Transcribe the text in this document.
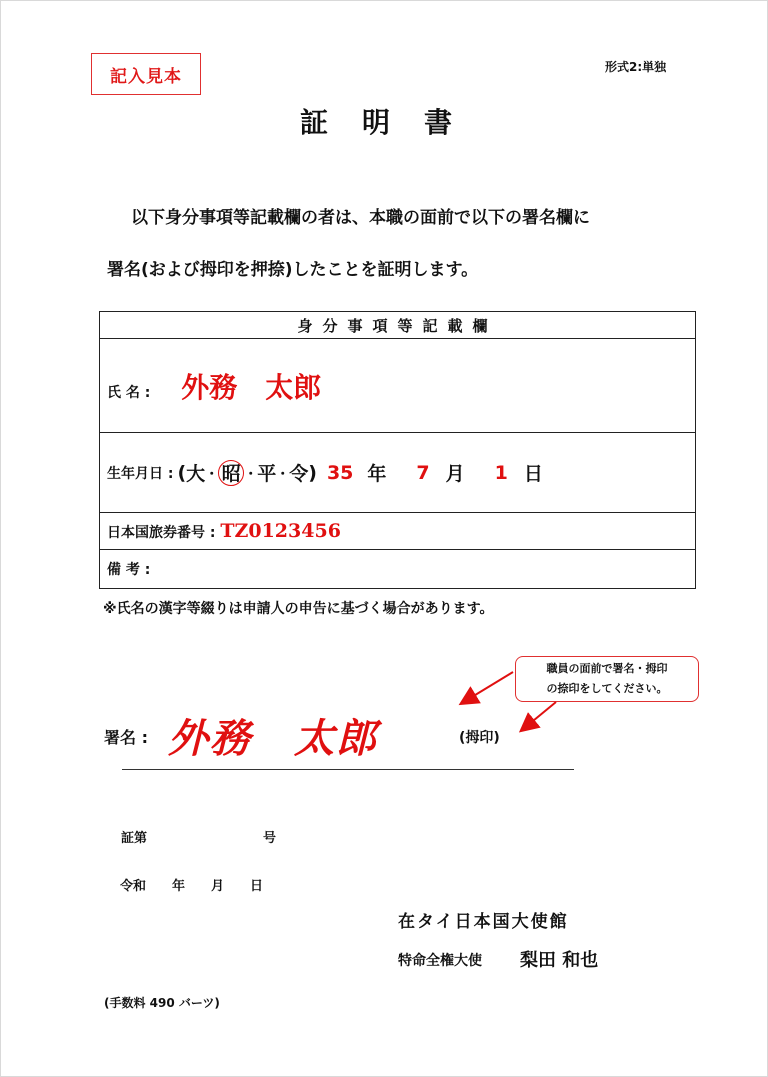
記入見本	形式2:単独
証明書
以下身分事項等記載欄の者は、本職の面前で以下の署名欄に
署名(および拇印を押捺)したことを証明します。
身分事項等記載欄
氏 名 : 外務　太郎

生年月日 : ( 大 ・ 昭 ・ 平 ・ 令 ) 35 年 7 月 1 日

日本国旅券番号 : TZ0123456
備 考 :
※氏名の漢字等綴りは申請人の申告に基づく場合があります。
職員の面前で署名・拇印
の捺印をしてください。
署名 : 外務　太郎	(拇印)
証第	号
令和　　年　　月　　日
在タイ日本国大使館
特命全権大使 梨田 和也
(手数料 490 バーツ)
